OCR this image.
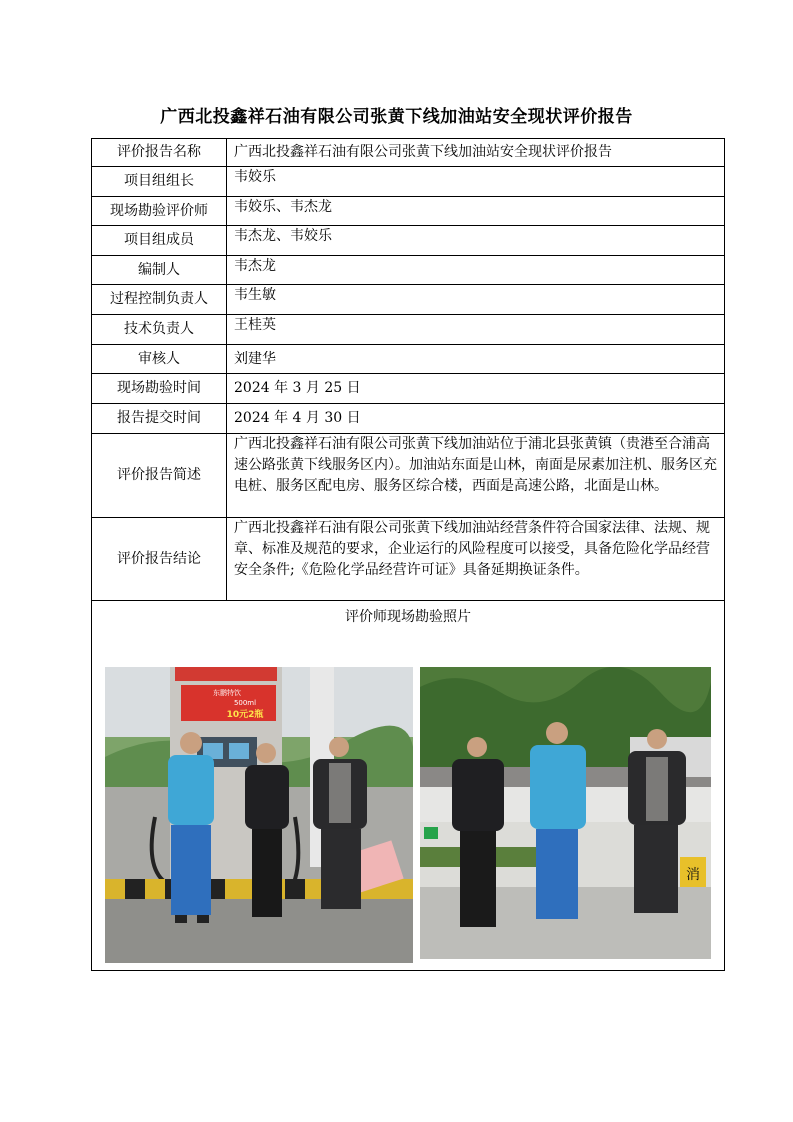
广西北投鑫祥石油有限公司张黄下线加油站安全现状评价报告
评价报告名称	广西北投鑫祥石油有限公司张黄下线加油站安全现状评价报告
项目组组长	韦姣乐
现场勘验评价师	韦姣乐、韦杰龙
项目组成员	韦杰龙、韦姣乐
编制人	韦杰龙
过程控制负责人	韦生敏
技术负责人	王桂英
审核人	刘建华
现场勘验时间	2024 年 3 月 25 日
报告提交时间	2024 年 4 月 30 日
评价报告简述	广西北投鑫祥石油有限公司张黄下线加油站位于浦北县张黄镇（贵港至合浦高速公路张黄下线服务区内）。加油站东面是山林，南面是尿素加注机、服务区充电桩、服务区配电房、服务区综合楼，西面是高速公路，北面是山林。
评价报告结论	广西北投鑫祥石油有限公司张黄下线加油站经营条件符合国家法律、法规、规章、标准及规范的要求，企业运行的风险程度可以接受，具备危险化学品经营安全条件;《危险化学品经营许可证》具备延期换证条件。

评价师现场勘验照片
东鹏特饮
500ml
10元2瓶
消	
